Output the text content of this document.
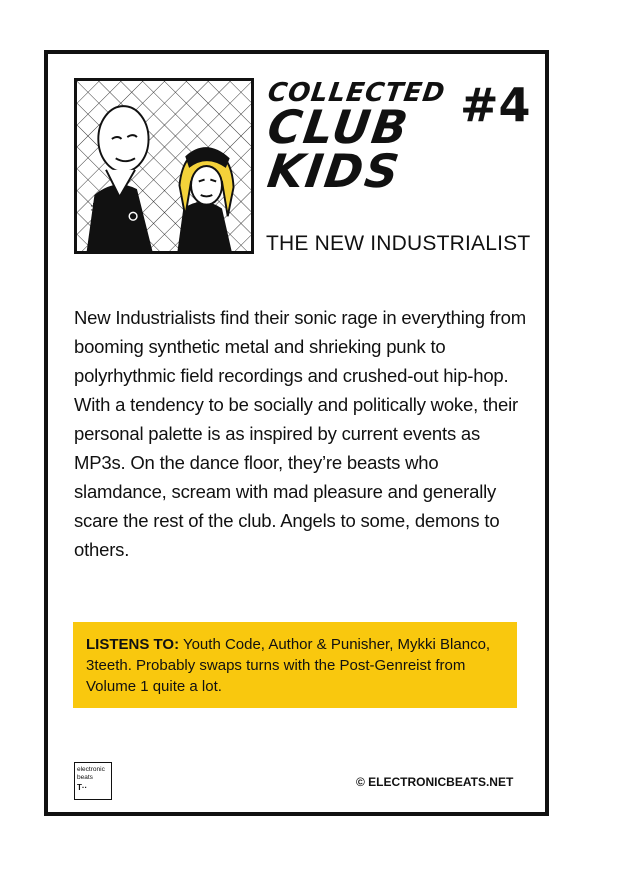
‡
COLLECTED
CLUB
KIDS
#4
THE NEW INDUSTRIALIST
New Industrialists find their sonic rage in everything from booming synthetic metal and shrieking punk to polyrhythmic field recordings and crushed-out hip-hop. With a tendency to be socially and politically woke, their personal palette is as inspired by current events as MP3s. On the dance floor, they’re beasts who slamdance, scream with mad pleasure and generally scare the rest of the club. Angels to some, demons to others.
LISTENS TO: Youth Code, Author & Punisher, Mykki Blanco, 3teeth. Probably swaps turns with the Post-Genreist from Volume 1 quite a lot.
electronic
beats
T··	© ELECTRONICBEATS.NET
